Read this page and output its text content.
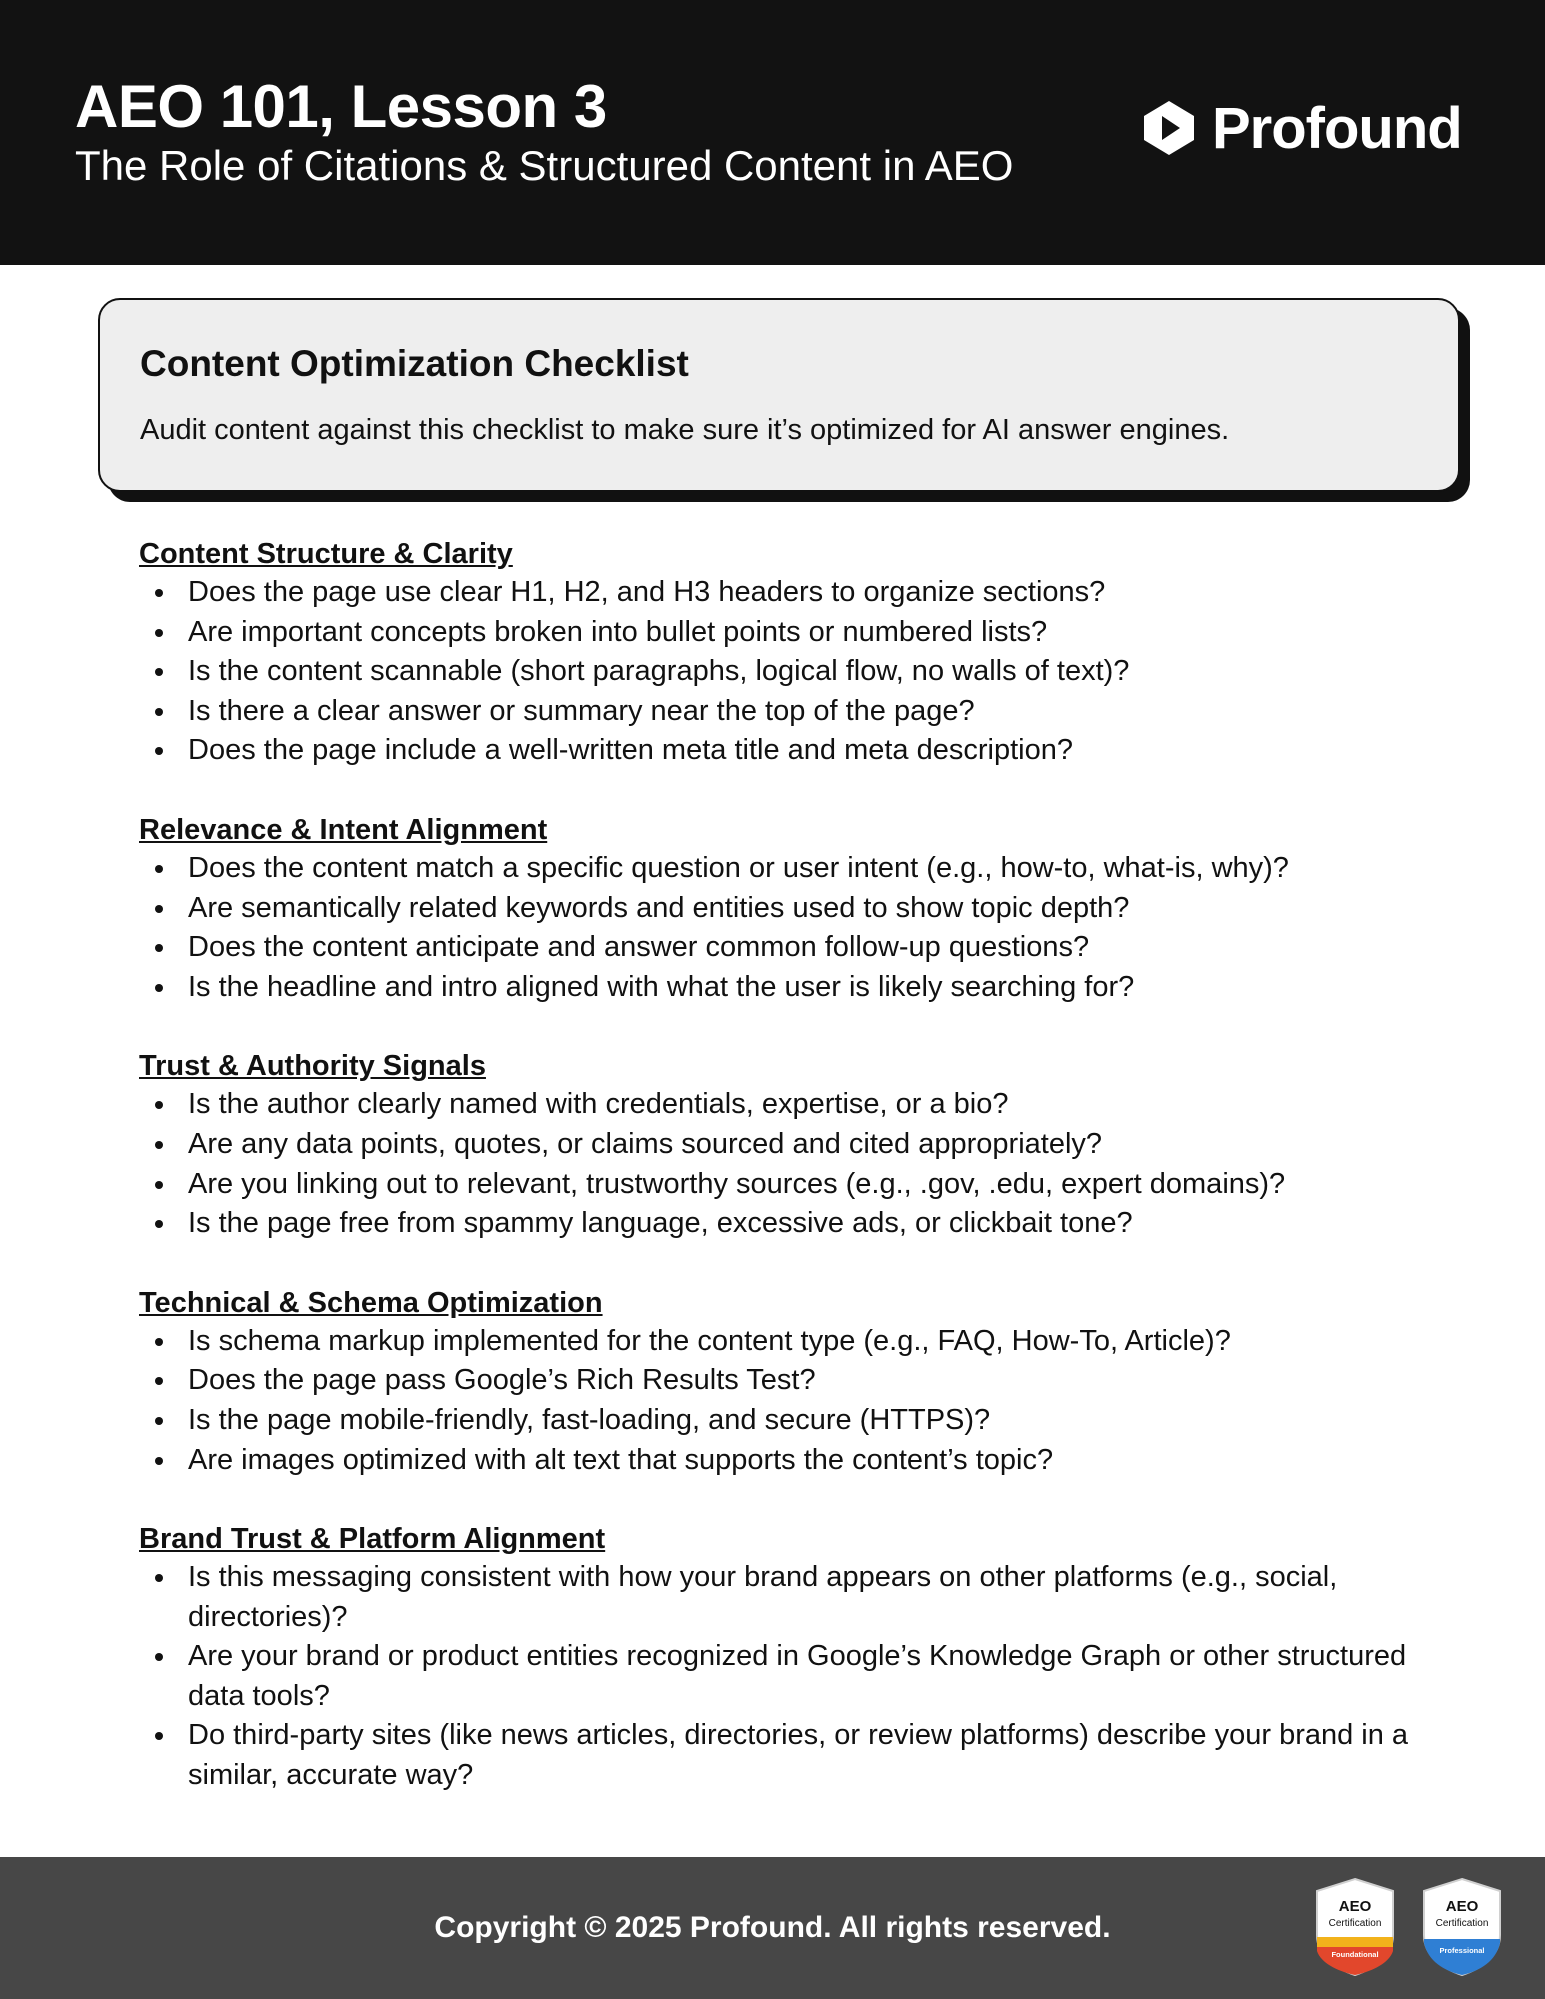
AEO 101, Lesson 3
The Role of Citations & Structured Content in AEO
Profound
Content Optimization Checklist
Audit content against this checklist to make sure it’s optimized for AI answer engines.
Content Structure & Clarity
Does the page use clear H1, H2, and H3 headers to organize sections?
Are important concepts broken into bullet points or numbered lists?
Is the content scannable (short paragraphs, logical flow, no walls of text)?
Is there a clear answer or summary near the top of the page?
Does the page include a well-written meta title and meta description?
Relevance & Intent Alignment
Does the content match a specific question or user intent (e.g., how-to, what-is, why)?
Are semantically related keywords and entities used to show topic depth?
Does the content anticipate and answer common follow-up questions?
Is the headline and intro aligned with what the user is likely searching for?
Trust & Authority Signals
Is the author clearly named with credentials, expertise, or a bio?
Are any data points, quotes, or claims sourced and cited appropriately?
Are you linking out to relevant, trustworthy sources (e.g., .gov, .edu, expert domains)?
Is the page free from spammy language, excessive ads, or clickbait tone?
Technical & Schema Optimization
Is schema markup implemented for the content type (e.g., FAQ, How-To, Article)?
Does the page pass Google’s Rich Results Test?
Is the page mobile-friendly, fast-loading, and secure (HTTPS)?
Are images optimized with alt text that supports the content’s topic?
Brand Trust & Platform Alignment
Is this messaging consistent with how your brand appears on other platforms (e.g., social, directories)?
Are your brand or product entities recognized in Google’s Knowledge Graph or other structured data tools?
Do third-party sites (like news articles, directories, or review platforms) describe your brand in a similar, accurate way?
Copyright © 2025 Profound. All rights reserved.
AEO
Certification
Foundational
AEO
Certification
Professional
